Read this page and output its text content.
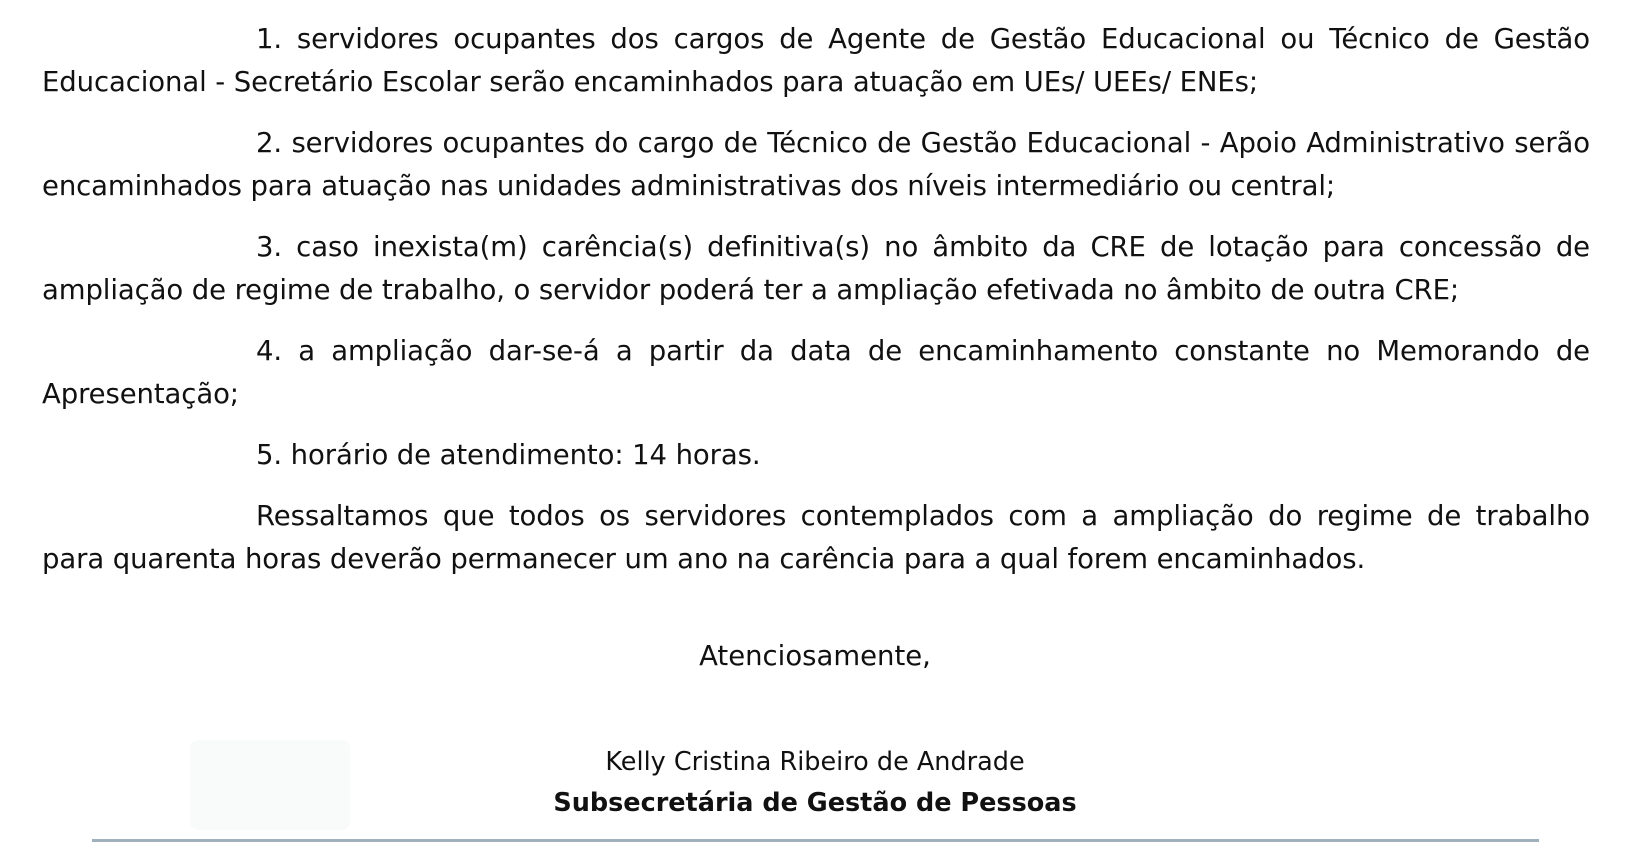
1. servidores ocupantes dos cargos de Agente de Gestão Educacional ou Técnico de Gestão Educacional - Secretário Escolar serão encaminhados para atuação em UEs/ UEEs/ ENEs;

2. servidores ocupantes do cargo de Técnico de Gestão Educacional - Apoio Administrativo serão encaminhados para atuação nas unidades administrativas dos níveis intermediário ou central;

3. caso inexista(m) carência(s) definitiva(s) no âmbito da CRE de lotação para concessão de ampliação de regime de trabalho, o servidor poderá ter a ampliação efetivada no âmbito de outra CRE;

4. a ampliação dar-se-á a partir da data de encaminhamento constante no Memorando de Apresentação;

5. horário de atendimento: 14 horas.

Ressaltamos que todos os servidores contemplados com a ampliação do regime de trabalho para quarenta horas deverão permanecer um ano na carência para a qual forem encaminhados.

Atenciosamente,
Kelly Cristina Ribeiro de Andrade
Subsecretária de Gestão de Pessoas
